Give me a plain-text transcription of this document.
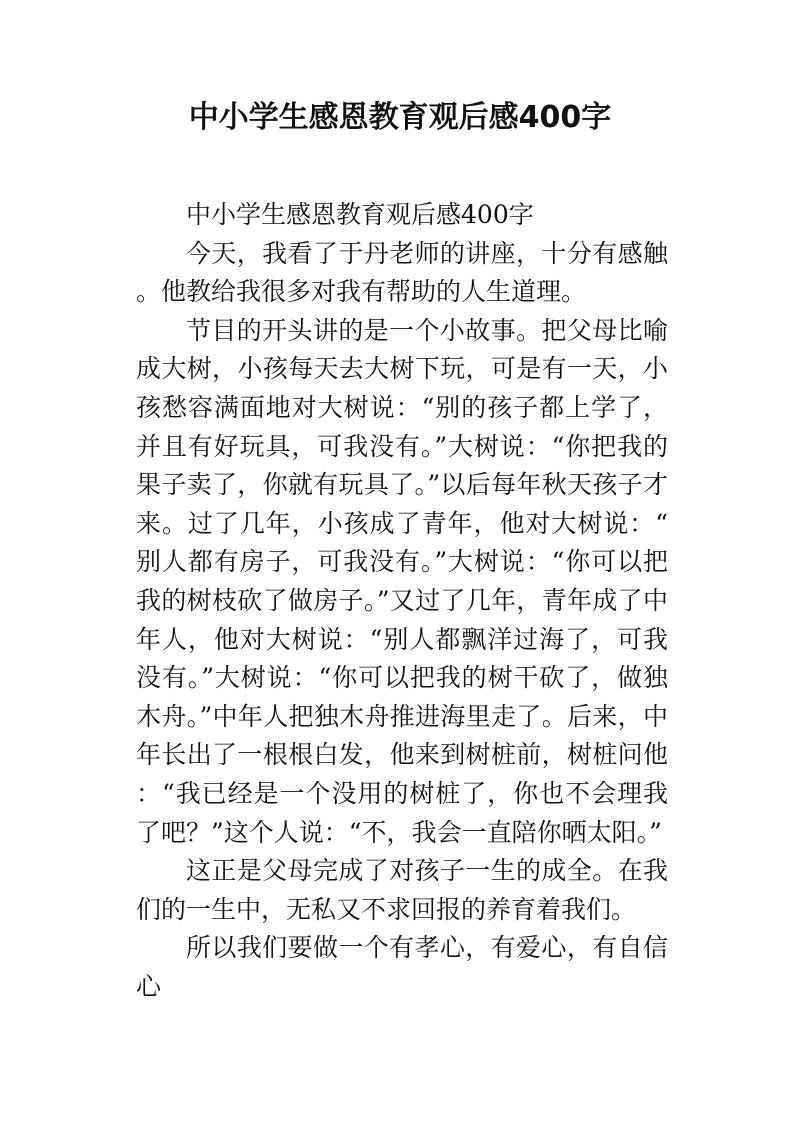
中小学生感恩教育观后感400字

中小学生感恩教育观后感400字

今天，我看了于丹老师的讲座，十分有感触。他教给我很多对我有帮助的人生道理。

节目的开头讲的是一个小故事。把父母比喻成大树，小孩每天去大树下玩，可是有一天，小孩愁容满面地对大树说：“别的孩子都上学了，并且有好玩具，可我没有。”大树说：“你把我的果子卖了，你就有玩具了。”以后每年秋天孩子才来。过了几年，小孩成了青年，他对大树说：“别人都有房子，可我没有。”大树说：“你可以把我的树枝砍了做房子。”又过了几年，青年成了中年人，他对大树说：“别人都飘洋过海了，可我没有。”大树说：“你可以把我的树干砍了，做独木舟。”中年人把独木舟推进海里走了。后来，中年长出了一根根白发，他来到树桩前，树桩问他：“我已经是一个没用的树桩了，你也不会理我了吧？”这个人说：“不，我会一直陪你晒太阳。”

这正是父母完成了对孩子一生的成全。在我们的一生中，无私又不求回报的养育着我们。

所以我们要做一个有孝心，有爱心，有自信心
